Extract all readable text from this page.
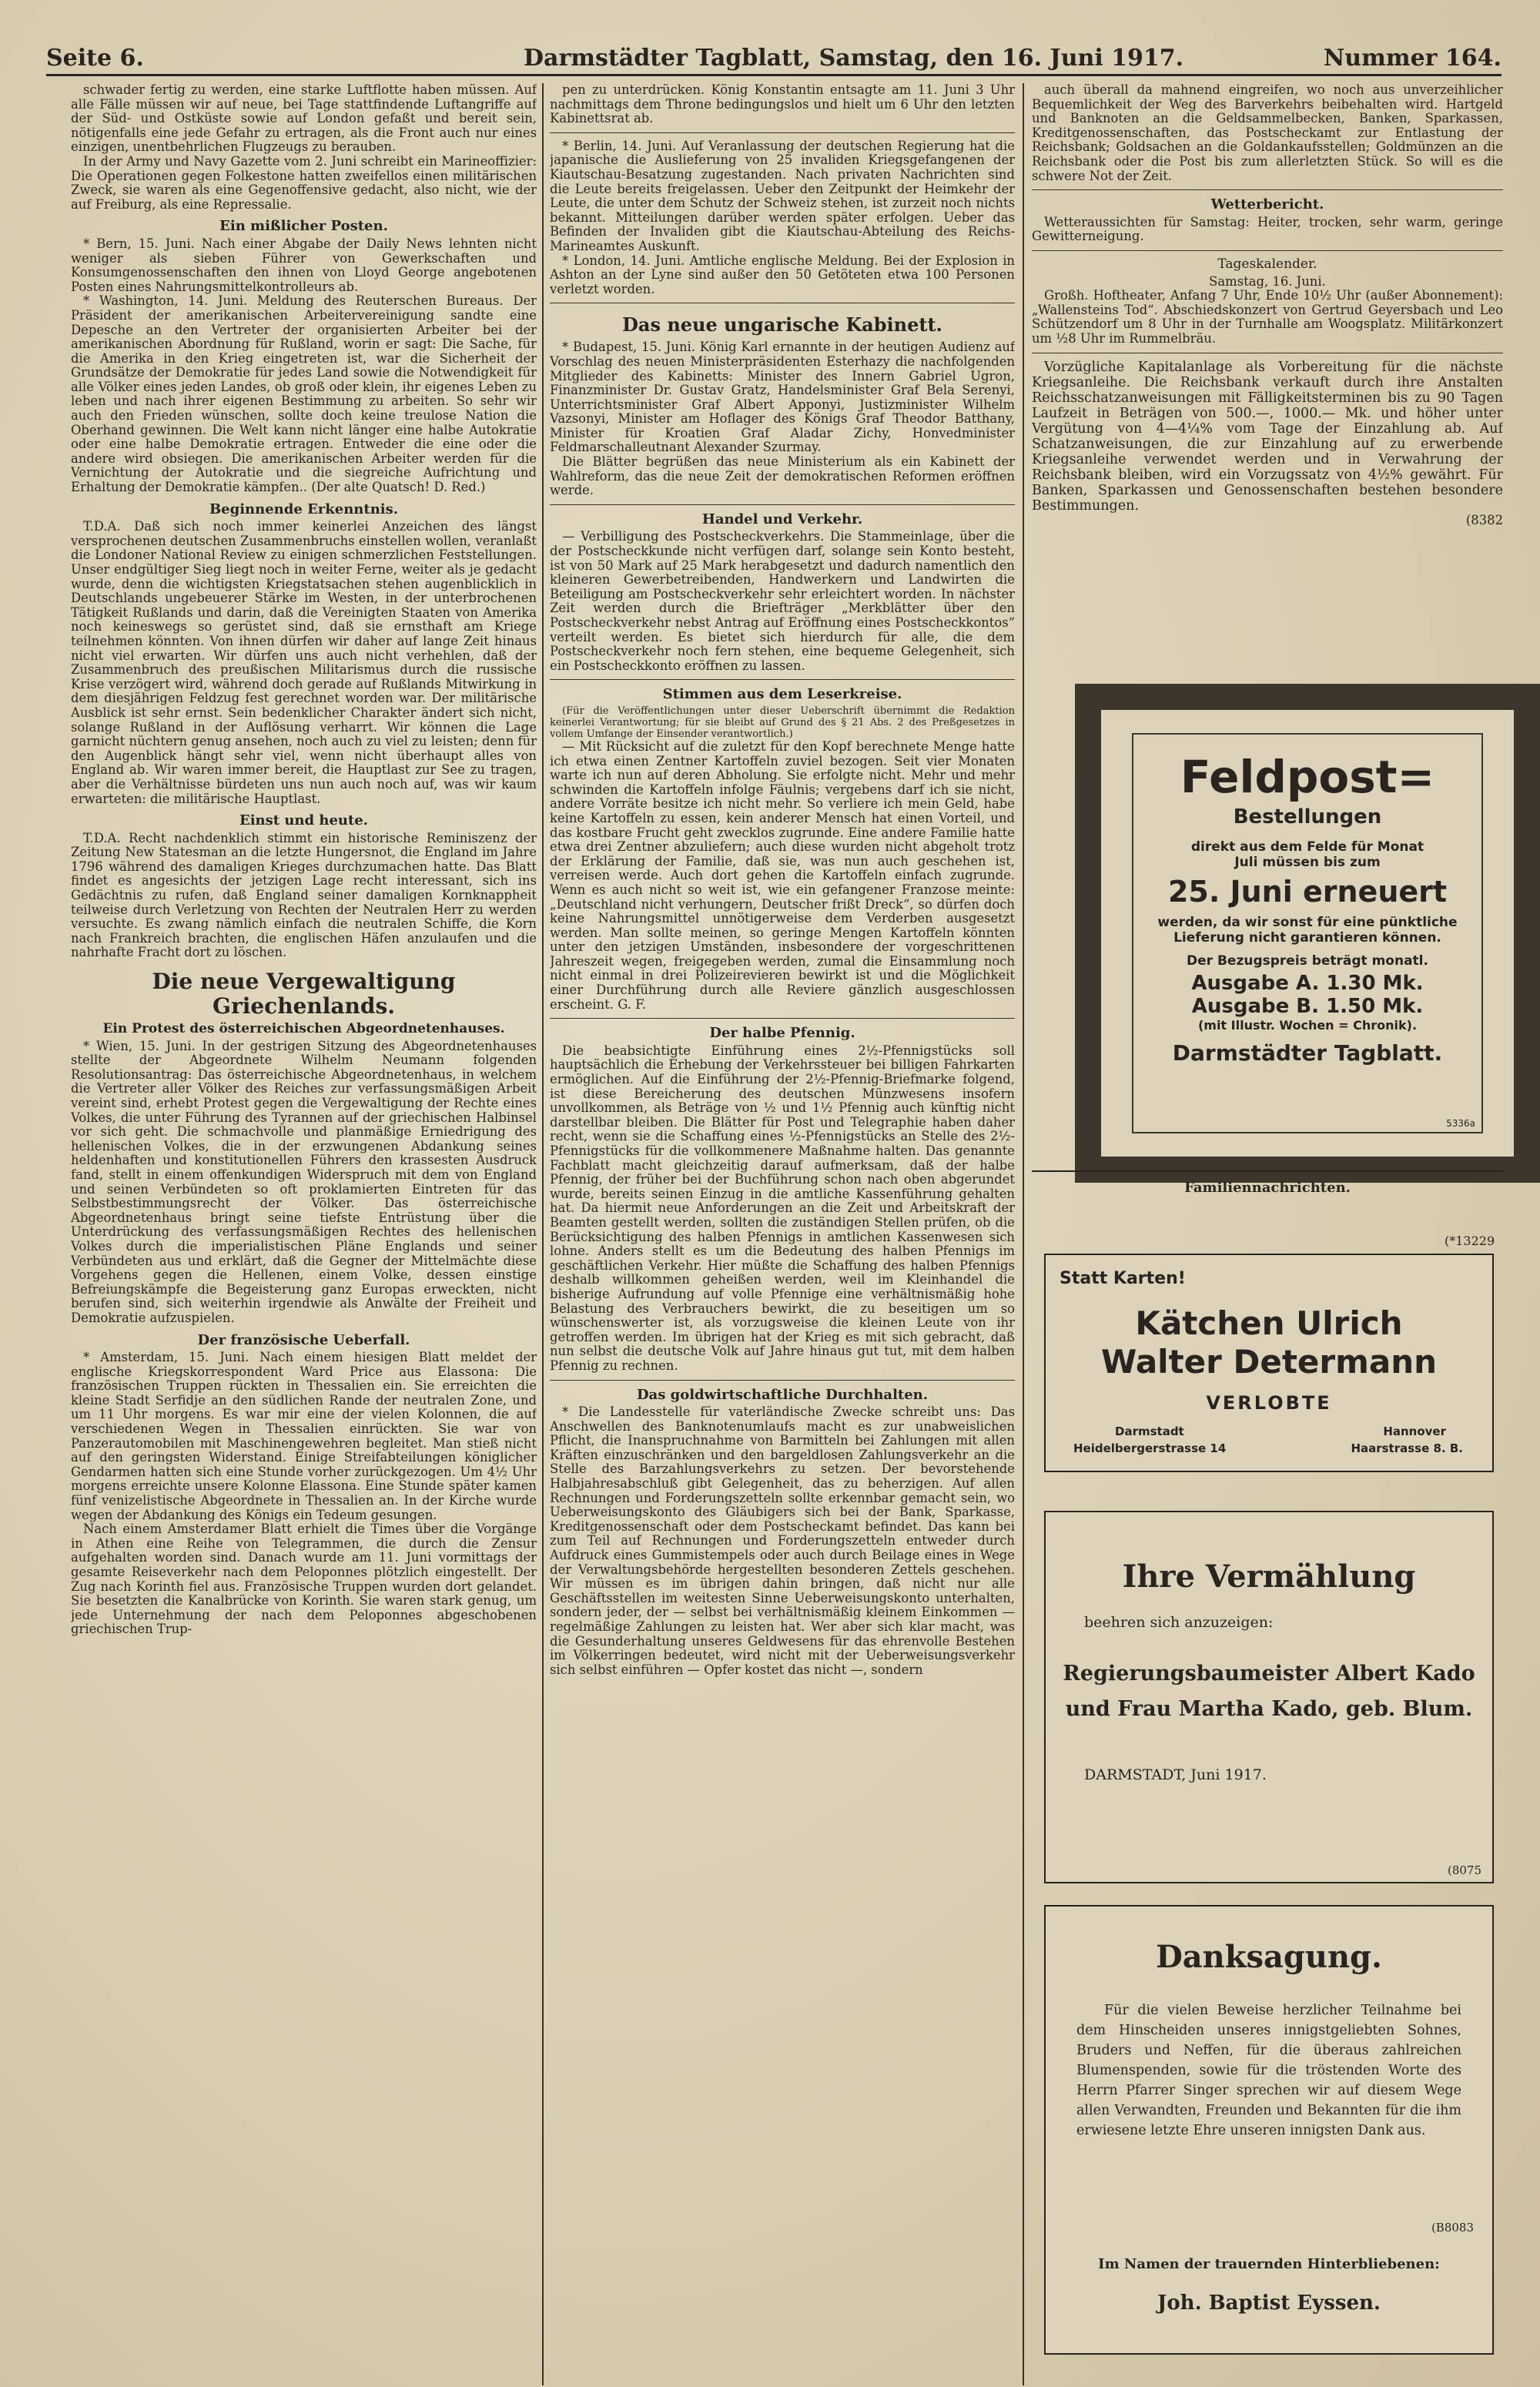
Seite 6.	Darmstädter Tagblatt, Samstag, den 16. Juni 1917.	Nummer 164.

schwader fertig zu werden, eine starke Luftflotte haben müssen. Auf alle Fälle müssen wir auf neue, bei Tage stattfindende Luftangriffe auf der Süd- und Ostküste sowie auf London gefaßt und bereit sein, nötigenfalls eine jede Gefahr zu ertragen, als die Front auch nur eines einzigen, unentbehrlichen Flugzeugs zu berauben.

In der Army und Navy Gazette vom 2. Juni schreibt ein Marineoffizier: Die Operationen gegen Folkestone hatten zweifellos einen militärischen Zweck, sie waren als eine Gegenoffensive gedacht, also nicht, wie der auf Freiburg, als eine Repressalie.

Ein mißlicher Posten.

* Bern, 15. Juni. Nach einer Abgabe der Daily News lehnten nicht weniger als sieben Führer von Gewerkschaften und Konsumgenossenschaften den ihnen von Lloyd George angebotenen Posten eines Nahrungsmittelkontrolleurs ab.

* Washington, 14. Juni. Meldung des Reuterschen Bureaus. Der Präsident der amerikanischen Arbeitervereinigung sandte eine Depesche an den Vertreter der organisierten Arbeiter bei der amerikanischen Abordnung für Rußland, worin er sagt: Die Sache, für die Amerika in den Krieg eingetreten ist, war die Sicherheit der Grundsätze der Demokratie für jedes Land sowie die Notwendigkeit für alle Völker eines jeden Landes, ob groß oder klein, ihr eigenes Leben zu leben und nach ihrer eigenen Bestimmung zu arbeiten. So sehr wir auch den Frieden wünschen, sollte doch keine treulose Nation die Oberhand gewinnen. Die Welt kann nicht länger eine halbe Autokratie oder eine halbe Demokratie ertragen. Entweder die eine oder die andere wird obsiegen. Die amerikanischen Arbeiter werden für die Vernichtung der Autokratie und die siegreiche Aufrichtung und Erhaltung der Demokratie kämpfen.. (Der alte Quatsch! D. Red.)

Beginnende Erkenntnis.

T.D.A. Daß sich noch immer keinerlei Anzeichen des längst versprochenen deutschen Zusammenbruchs einstellen wollen, veranlaßt die Londoner National Review zu einigen schmerzlichen Feststellungen. Unser endgültiger Sieg liegt noch in weiter Ferne, weiter als je gedacht wurde, denn die wichtigsten Kriegstatsachen stehen augenblicklich in Deutschlands ungebeuerer Stärke im Westen, in der unterbrochenen Tätigkeit Rußlands und darin, daß die Vereinigten Staaten von Amerika noch keineswegs so gerüstet sind, daß sie ernsthaft am Kriege teilnehmen könnten. Von ihnen dürfen wir daher auf lange Zeit hinaus nicht viel erwarten. Wir dürfen uns auch nicht verhehlen, daß der Zusammenbruch des preußischen Militarismus durch die russische Krise verzögert wird, während doch gerade auf Rußlands Mitwirkung in dem diesjährigen Feldzug fest gerechnet worden war. Der militärische Ausblick ist sehr ernst. Sein bedenklicher Charakter ändert sich nicht, solange Rußland in der Auflösung verharrt. Wir können die Lage garnicht nüchtern genug ansehen, noch auch zu viel zu leisten; denn für den Augenblick hängt sehr viel, wenn nicht überhaupt alles von England ab. Wir waren immer bereit, die Hauptlast zur See zu tragen, aber die Verhältnisse bürdeten uns nun auch noch auf, was wir kaum erwarteten: die militärische Hauptlast.

Einst und heute.

T.D.A. Recht nachdenklich stimmt ein historische Reminiszenz der Zeitung New Statesman an die letzte Hungersnot, die England im Jahre 1796 während des damaligen Krieges durchzumachen hatte. Das Blatt findet es angesichts der jetzigen Lage recht interessant, sich ins Gedächtnis zu rufen, daß England seiner damaligen Kornknappheit teilweise durch Verletzung von Rechten der Neutralen Herr zu werden versuchte. Es zwang nämlich einfach die neutralen Schiffe, die Korn nach Frankreich brachten, die englischen Häfen anzulaufen und die nahrhafte Fracht dort zu löschen.

Die neue Vergewaltigung Griechenlands.
Ein Protest des österreichischen Abgeordnetenhauses.

* Wien, 15. Juni. In der gestrigen Sitzung des Abgeordnetenhauses stellte der Abgeordnete Wilhelm Neumann folgenden Resolutionsantrag: Das österreichische Abgeordnetenhaus, in welchem die Vertreter aller Völker des Reiches zur verfassungsmäßigen Arbeit vereint sind, erhebt Protest gegen die Vergewaltigung der Rechte eines Volkes, die unter Führung des Tyrannen auf der griechischen Halbinsel vor sich geht. Die schmachvolle und planmäßige Erniedrigung des hellenischen Volkes, die in der erzwungenen Abdankung seines heldenhaften und konstitutionellen Führers den krassesten Ausdruck fand, stellt in einem offenkundigen Widerspruch mit dem von England und seinen Verbündeten so oft proklamierten Eintreten für das Selbstbestimmungsrecht der Völker. Das österreichische Abgeordnetenhaus bringt seine tiefste Entrüstung über die Unterdrückung des verfassungsmäßigen Rechtes des hellenischen Volkes durch die imperialistischen Pläne Englands und seiner Verbündeten aus und erklärt, daß die Gegner der Mittelmächte diese Vorgehens gegen die Hellenen, einem Volke, dessen einstige Befreiungskämpfe die Begeisterung ganz Europas erweckten, nicht berufen sind, sich weiterhin irgendwie als Anwälte der Freiheit und Demokratie aufzuspielen.

Der französische Ueberfall.

* Amsterdam, 15. Juni. Nach einem hiesigen Blatt meldet der englische Kriegskorrespondent Ward Price aus Elassona: Die französischen Truppen rückten in Thessalien ein. Sie erreichten die kleine Stadt Serfidje an den südlichen Rande der neutralen Zone, und um 11 Uhr morgens. Es war mir eine der vielen Kolonnen, die auf verschiedenen Wegen in Thessalien einrückten. Sie war von Panzerautomobilen mit Maschinengewehren begleitet. Man stieß nicht auf den geringsten Widerstand. Einige Streifabteilungen königlicher Gendarmen hatten sich eine Stunde vorher zurückgezogen. Um 4½ Uhr morgens erreichte unsere Kolonne Elassona. Eine Stunde später kamen fünf venizelistische Abgeordnete in Thessalien an. In der Kirche wurde wegen der Abdankung des Königs ein Tedeum gesungen.

Nach einem Amsterdamer Blatt erhielt die Times über die Vorgänge in Athen eine Reihe von Telegrammen, die durch die Zensur aufgehalten worden sind. Danach wurde am 11. Juni vormittags der gesamte Reiseverkehr nach dem Peloponnes plötzlich eingestellt. Der Zug nach Korinth fiel aus. Französische Truppen wurden dort gelandet. Sie besetzten die Kanalbrücke von Korinth. Sie waren stark genug, um jede Unternehmung der nach dem Peloponnes abgeschobenen griechischen Trup-

pen zu unterdrücken. König Konstantin entsagte am 11. Juni 3 Uhr nachmittags dem Throne bedingungslos und hielt um 6 Uhr den letzten Kabinettsrat ab.

* Berlin, 14. Juni. Auf Veranlassung der deutschen Regierung hat die japanische die Auslieferung von 25 invaliden Kriegsgefangenen der Kiautschau-Besatzung zugestanden. Nach privaten Nachrichten sind die Leute bereits freigelassen. Ueber den Zeitpunkt der Heimkehr der Leute, die unter dem Schutz der Schweiz stehen, ist zurzeit noch nichts bekannt. Mitteilungen darüber werden später erfolgen. Ueber das Befinden der Invaliden gibt die Kiautschau-Abteilung des Reichs-Marineamtes Auskunft.

* London, 14. Juni. Amtliche englische Meldung. Bei der Explosion in Ashton an der Lyne sind außer den 50 Getöteten etwa 100 Personen verletzt worden.

Das neue ungarische Kabinett.

* Budapest, 15. Juni. König Karl ernannte in der heutigen Audienz auf Vorschlag des neuen Ministerpräsidenten Esterhazy die nachfolgenden Mitglieder des Kabinetts: Minister des Innern Gabriel Ugron, Finanzminister Dr. Gustav Gratz, Handelsminister Graf Bela Serenyi, Unterrichtsminister Graf Albert Apponyi, Justizminister Wilhelm Vazsonyi, Minister am Hoflager des Königs Graf Theodor Batthany, Minister für Kroatien Graf Aladar Zichy, Honvedminister Feldmarschalleutnant Alexander Szurmay.

Die Blätter begrüßen das neue Ministerium als ein Kabinett der Wahlreform, das die neue Zeit der demokratischen Reformen eröffnen werde.

Handel und Verkehr.

— Verbilligung des Postscheckverkehrs. Die Stammeinlage, über die der Postscheckkunde nicht verfügen darf, solange sein Konto besteht, ist von 50 Mark auf 25 Mark herabgesetzt und dadurch namentlich den kleineren Gewerbetreibenden, Handwerkern und Landwirten die Beteiligung am Postscheckverkehr sehr erleichtert worden. In nächster Zeit werden durch die Briefträger „Merkblätter über den Postscheckverkehr nebst Antrag auf Eröffnung eines Postscheckkontos“ verteilt werden. Es bietet sich hierdurch für alle, die dem Postscheckverkehr noch fern stehen, eine bequeme Gelegenheit, sich ein Postscheckkonto eröffnen zu lassen.

Stimmen aus dem Leserkreise.

(Für die Veröffentlichungen unter dieser Ueberschrift übernimmt die Redaktion keinerlei Verantwortung; für sie bleibt auf Grund des § 21 Abs. 2 des Preßgesetzes in vollem Umfange der Einsender verantwortlich.)

— Mit Rücksicht auf die zuletzt für den Kopf berechnete Menge hatte ich etwa einen Zentner Kartoffeln zuviel bezogen. Seit vier Monaten warte ich nun auf deren Abholung. Sie erfolgte nicht. Mehr und mehr schwinden die Kartoffeln infolge Fäulnis; vergebens darf ich sie nicht, andere Vorräte besitze ich nicht mehr. So verliere ich mein Geld, habe keine Kartoffeln zu essen, kein anderer Mensch hat einen Vorteil, und das kostbare Frucht geht zwecklos zugrunde. Eine andere Familie hatte etwa drei Zentner abzuliefern; auch diese wurden nicht abgeholt trotz der Erklärung der Familie, daß sie, was nun auch geschehen ist, verreisen werde. Auch dort gehen die Kartoffeln einfach zugrunde. Wenn es auch nicht so weit ist, wie ein gefangener Franzose meinte: „Deutschland nicht verhungern, Deutscher frißt Dreck“, so dürfen doch keine Nahrungsmittel unnötigerweise dem Verderben ausgesetzt werden. Man sollte meinen, so geringe Mengen Kartoffeln könnten unter den jetzigen Umständen, insbesondere der vorgeschrittenen Jahreszeit wegen, freigegeben werden, zumal die Einsammlung noch nicht einmal in drei Polizeirevieren bewirkt ist und die Möglichkeit einer Durchführung durch alle Reviere gänzlich ausgeschlossen erscheint. G. F.

Der halbe Pfennig.

Die beabsichtigte Einführung eines 2½-Pfennigstücks soll hauptsächlich die Erhebung der Verkehrssteuer bei billigen Fahrkarten ermöglichen. Auf die Einführung der 2½-Pfennig-Briefmarke folgend, ist diese Bereicherung des deutschen Münzwesens insofern unvollkommen, als Beträge von ½ und 1½ Pfennig auch künftig nicht darstellbar bleiben. Die Blätter für Post und Telegraphie haben daher recht, wenn sie die Schaffung eines ½-Pfennigstücks an Stelle des 2½-Pfennigstücks für die vollkommenere Maßnahme halten. Das genannte Fachblatt macht gleichzeitig darauf aufmerksam, daß der halbe Pfennig, der früher bei der Buchführung schon nach oben abgerundet wurde, bereits seinen Einzug in die amtliche Kassenführung gehalten hat. Da hiermit neue Anforderungen an die Zeit und Arbeitskraft der Beamten gestellt werden, sollten die zuständigen Stellen prüfen, ob die Berücksichtigung des halben Pfennigs in amtlichen Kassenwesen sich lohne. Anders stellt es um die Bedeutung des halben Pfennigs im geschäftlichen Verkehr. Hier müßte die Schaffung des halben Pfennigs deshalb willkommen geheißen werden, weil im Kleinhandel die bisherige Aufrundung auf volle Pfennige eine verhältnismäßig hohe Belastung des Verbrauchers bewirkt, die zu beseitigen um so wünschenswerter ist, als vorzugsweise die kleinen Leute von ihr getroffen werden. Im übrigen hat der Krieg es mit sich gebracht, daß nun selbst die deutsche Volk auf Jahre hinaus gut tut, mit dem halben Pfennig zu rechnen.

Das goldwirtschaftliche Durchhalten.

* Die Landesstelle für vaterländische Zwecke schreibt uns: Das Anschwellen des Banknotenumlaufs macht es zur unabweislichen Pflicht, die Inanspruchnahme von Barmitteln bei Zahlungen mit allen Kräften einzuschränken und den bargeldlosen Zahlungsverkehr an die Stelle des Barzahlungsverkehrs zu setzen. Der bevorstehende Halbjahresabschluß gibt Gelegenheit, das zu beherzigen. Auf allen Rechnungen und Forderungszetteln sollte erkennbar gemacht sein, wo Ueberweisungskonto des Gläubigers sich bei der Bank, Sparkasse, Kreditgenossenschaft oder dem Postscheckamt befindet. Das kann bei zum Teil auf Rechnungen und Forderungszetteln entweder durch Aufdruck eines Gummistempels oder auch durch Beilage eines in Wege der Verwaltungsbehörde hergestellten besonderen Zettels geschehen. Wir müssen es im übrigen dahin bringen, daß nicht nur alle Geschäftsstellen im weitesten Sinne Ueberweisungskonto unterhalten, sondern jeder, der — selbst bei verhältnismäßig kleinem Einkommen — regelmäßige Zahlungen zu leisten hat. Wer aber sich klar macht, was die Gesunderhaltung unseres Geldwesens für das ehrenvolle Bestehen im Völkerringen bedeutet, wird nicht mit der Ueberweisungsverkehr sich selbst einführen — Opfer kostet das nicht —, sondern

auch überall da mahnend eingreifen, wo noch aus unverzeihlicher Bequemlichkeit der Weg des Barverkehrs beibehalten wird. Hartgeld und Banknoten an die Geldsammelbecken, Banken, Sparkassen, Kreditgenossenschaften, das Postscheckamt zur Entlastung der Reichsbank; Goldsachen an die Goldankaufsstellen; Goldmünzen an die Reichsbank oder die Post bis zum allerletzten Stück. So will es die schwere Not der Zeit.

Wetterbericht.

Wetteraussichten für Samstag: Heiter, trocken, sehr warm, geringe Gewitterneigung.

Tageskalender.
Samstag, 16. Juni.

Großh. Hoftheater, Anfang 7 Uhr, Ende 10½ Uhr (außer Abonnement): „Wallensteins Tod“. Abschiedskonzert von Gertrud Geyersbach und Leo Schützendorf um 8 Uhr in der Turnhalle am Woogsplatz. Militärkonzert um ½8 Uhr im Rummelbräu.

Vorzügliche Kapitalanlage als Vorbereitung für die nächste Kriegsanleihe. Die Reichsbank verkauft durch ihre Anstalten Reichsschatzanweisungen mit Fälligkeitsterminen bis zu 90 Tagen Laufzeit in Beträgen von 500.—, 1000.— Mk. und höher unter Vergütung von 4—4¼% vom Tage der Einzahlung ab. Auf Schatzanweisungen, die zur Einzahlung auf zu erwerbende Kriegsanleihe verwendet werden und in Verwahrung der Reichsbank bleiben, wird ein Vorzugssatz von 4½% gewährt. Für Banken, Sparkassen und Genossenschaften bestehen besondere Bestimmungen.

(8382
Feldpost=
Bestellungen
direkt aus dem Felde für Monat
Juli müssen bis zum
25. Juni erneuert
werden, da wir sonst für eine pünktliche Lieferung nicht garantieren können.
Der Bezugspreis beträgt monatl.
Ausgabe A. 1.30 Mk.
Ausgabe B. 1.50 Mk.
(mit Illustr. Wochen = Chronik).
Darmstädter Tagblatt.
5336a
Familiennachrichten.
(*13229
Statt Karten!
Kätchen Ulrich
Walter Determann
VERLOBTE
Darmstadt
Heidelbergerstrasse 14
Hannover
Haarstrasse 8. B.
Ihre Vermählung
beehren sich anzuzeigen:
Regierungsbaumeister Albert Kado
und Frau Martha Kado, geb. Blum.
DARMSTADT, Juni 1917.
(8075
Danksagung.
Für die vielen Beweise herzlicher Teilnahme bei dem Hinscheiden unseres innigstgeliebten Sohnes, Bruders und Neffen, für die überaus zahlreichen Blumenspenden, sowie für die tröstenden Worte des Herrn Pfarrer Singer sprechen wir auf diesem Wege allen Verwandten, Freunden und Bekannten für die ihm erwiesene letzte Ehre unseren innigsten Dank aus.
(B8083
Im Namen der trauernden Hinterbliebenen:
Joh. Baptist Eyssen.
